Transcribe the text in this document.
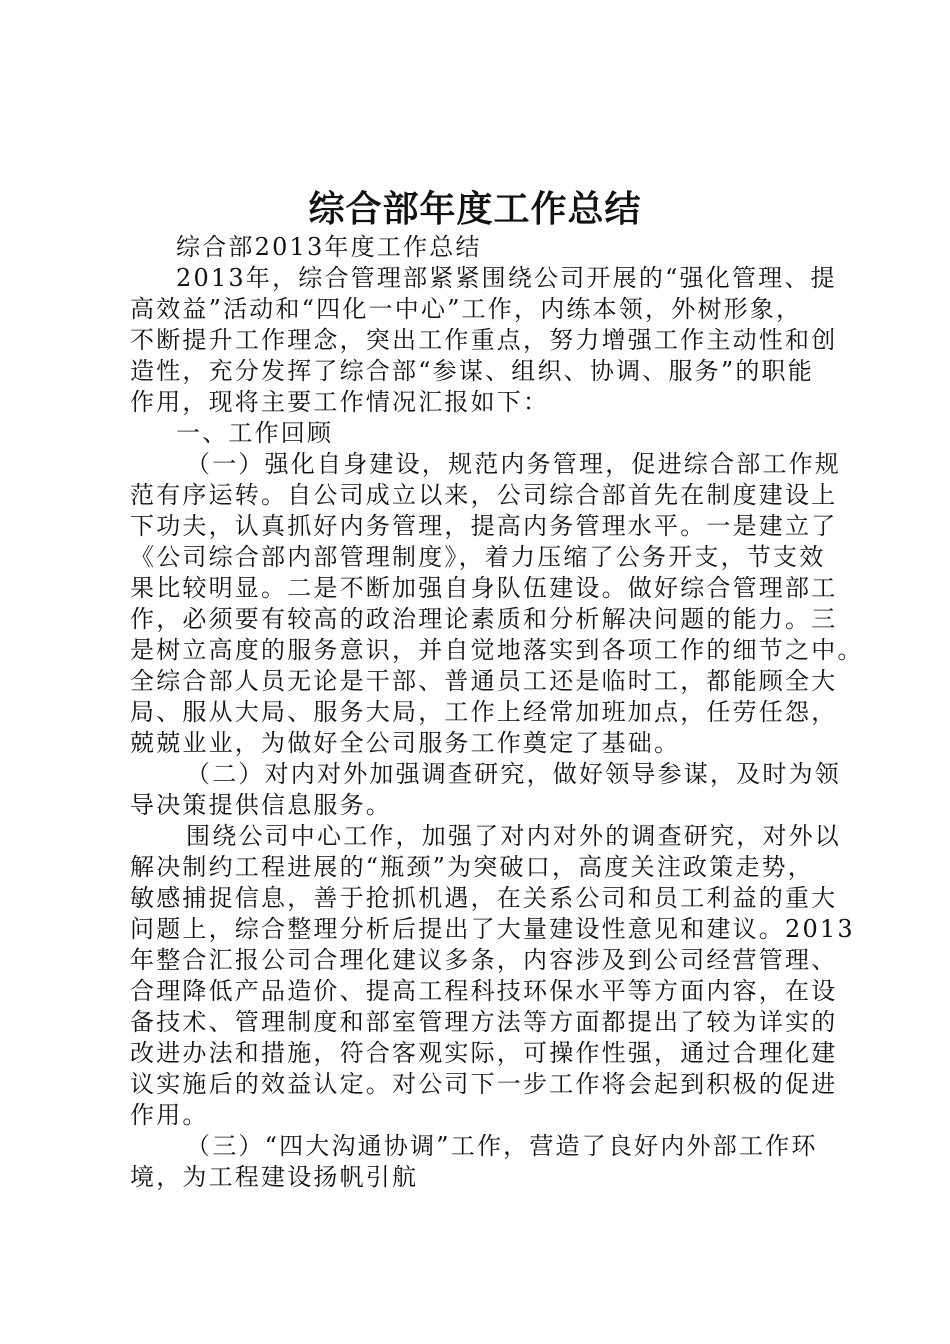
综合部年度工作总结
综合部2013年度工作总结
2013年，综合管理部紧紧围绕公司开展的“强化管理、提
高效益”活动和“四化一中心”工作，内练本领，外树形象，
不断提升工作理念，突出工作重点，努力增强工作主动性和创
造性，充分发挥了综合部“参谋、组织、协调、服务”的职能
作用，现将主要工作情况汇报如下：
一、工作回顾
（一）强化自身建设，规范内务管理，促进综合部工作规
范有序运转。自公司成立以来，公司综合部首先在制度建设上
下功夫，认真抓好内务管理，提高内务管理水平。一是建立了
《公司综合部内部管理制度》，着力压缩了公务开支，节支效
果比较明显。二是不断加强自身队伍建设。做好综合管理部工
作，必须要有较高的政治理论素质和分析解决问题的能力。三
是树立高度的服务意识，并自觉地落实到各项工作的细节之中。
全综合部人员无论是干部、普通员工还是临时工，都能顾全大
局、服从大局、服务大局，工作上经常加班加点，任劳任怨，
兢兢业业，为做好全公司服务工作奠定了基础。
（二）对内对外加强调查研究，做好领导参谋，及时为领
导决策提供信息服务。
围绕公司中心工作，加强了对内对外的调查研究，对外以
解决制约工程进展的“瓶颈”为突破口，高度关注政策走势，
敏感捕捉信息，善于抢抓机遇，在关系公司和员工利益的重大
问题上，综合整理分析后提出了大量建设性意见和建议。2013
年整合汇报公司合理化建议多条，内容涉及到公司经营管理、
合理降低产品造价、提高工程科技环保水平等方面内容，在设
备技术、管理制度和部室管理方法等方面都提出了较为详实的
改进办法和措施，符合客观实际，可操作性强，通过合理化建
议实施后的效益认定。对公司下一步工作将会起到积极的促进
作用。
（三）“四大沟通协调”工作，营造了良好内外部工作环
境，为工程建设扬帆引航
